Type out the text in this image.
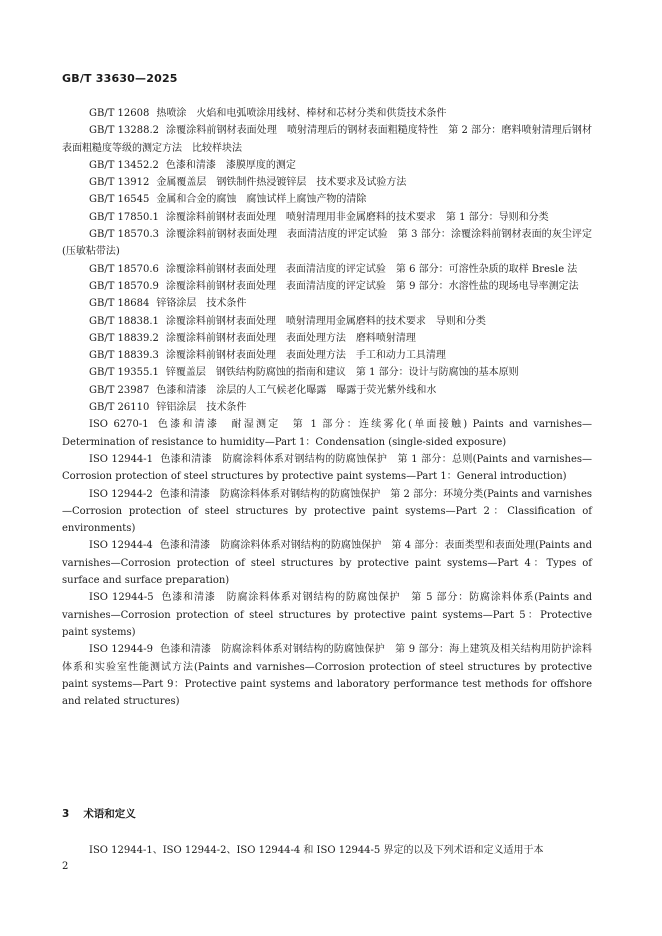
GB/T 33630—2025

GB/T 12608 热喷涂　火焰和电弧喷涂用线材、棒材和芯材分类和供货技术条件

GB/T 13288.2 涂覆涂料前钢材表面处理　喷射清理后的钢材表面粗糙度特性　第 2 部分：磨料喷射清理后钢材表面粗糙度等级的测定方法　比较样块法

GB/T 13452.2 色漆和清漆　漆膜厚度的测定

GB/T 13912 金属覆盖层　钢铁制件热浸镀锌层　技术要求及试验方法

GB/T 16545 金属和合金的腐蚀　腐蚀试样上腐蚀产物的清除

GB/T 17850.1 涂覆涂料前钢材表面处理　喷射清理用非金属磨料的技术要求　第 1 部分：导则和分类

GB/T 18570.3 涂覆涂料前钢材表面处理　表面清洁度的评定试验　第 3 部分：涂覆涂料前钢材表面的灰尘评定(压敏粘带法)

GB/T 18570.6 涂覆涂料前钢材表面处理　表面清洁度的评定试验　第 6 部分：可溶性杂质的取样 Bresle 法

GB/T 18570.9 涂覆涂料前钢材表面处理　表面清洁度的评定试验　第 9 部分：水溶性盐的现场电导率测定法

GB/T 18684 锌铬涂层　技术条件

GB/T 18838.1 涂覆涂料前钢材表面处理　喷射清理用金属磨料的技术要求　导则和分类

GB/T 18839.2 涂覆涂料前钢材表面处理　表面处理方法　磨料喷射清理

GB/T 18839.3 涂覆涂料前钢材表面处理　表面处理方法　手工和动力工具清理

GB/T 19355.1 锌覆盖层　钢铁结构防腐蚀的指南和建议　第 1 部分：设计与防腐蚀的基本原则

GB/T 23987 色漆和清漆　涂层的人工气候老化曝露　曝露于荧光紫外线和水

GB/T 26110 锌铝涂层　技术条件

ISO 6270-1 色漆和清漆　耐湿测定　第 1 部分：连续雾化(单面接触) Paints and varnishes—Determination of resistance to humidity—Part 1：Condensation (single-sided exposure)

ISO 12944-1 色漆和清漆　防腐涂料体系对钢结构的防腐蚀保护　第 1 部分：总则(Paints and varnishes—Corrosion protection of steel structures by protective paint systems—Part 1：General introduction)

ISO 12944-2 色漆和清漆　防腐涂料体系对钢结构的防腐蚀保护　第 2 部分：环境分类(Paints and varnishes—Corrosion protection of steel structures by protective paint systems—Part 2：Classification of environments)

ISO 12944-4 色漆和清漆　防腐涂料体系对钢结构的防腐蚀保护　第 4 部分：表面类型和表面处理(Paints and varnishes—Corrosion protection of steel structures by protective paint systems—Part 4：Types of surface and surface preparation)

ISO 12944-5 色漆和清漆　防腐涂料体系对钢结构的防腐蚀保护　第 5 部分：防腐涂料体系(Paints and varnishes—Corrosion protection of steel structures by protective paint systems—Part 5：Protective paint systems)

ISO 12944-9 色漆和清漆　防腐涂料体系对钢结构的防腐蚀保护　第 9 部分：海上建筑及相关结构用防护涂料体系和实验室性能测试方法(Paints and varnishes—Corrosion protection of steel structures by protective paint systems—Part 9：Protective paint systems and laboratory performance test methods for offshore and related structures)

3 术语和定义

ISO 12944-1、ISO 12944-2、ISO 12944-4 和 ISO 12944-5 界定的以及下列术语和定义适用于本

2
